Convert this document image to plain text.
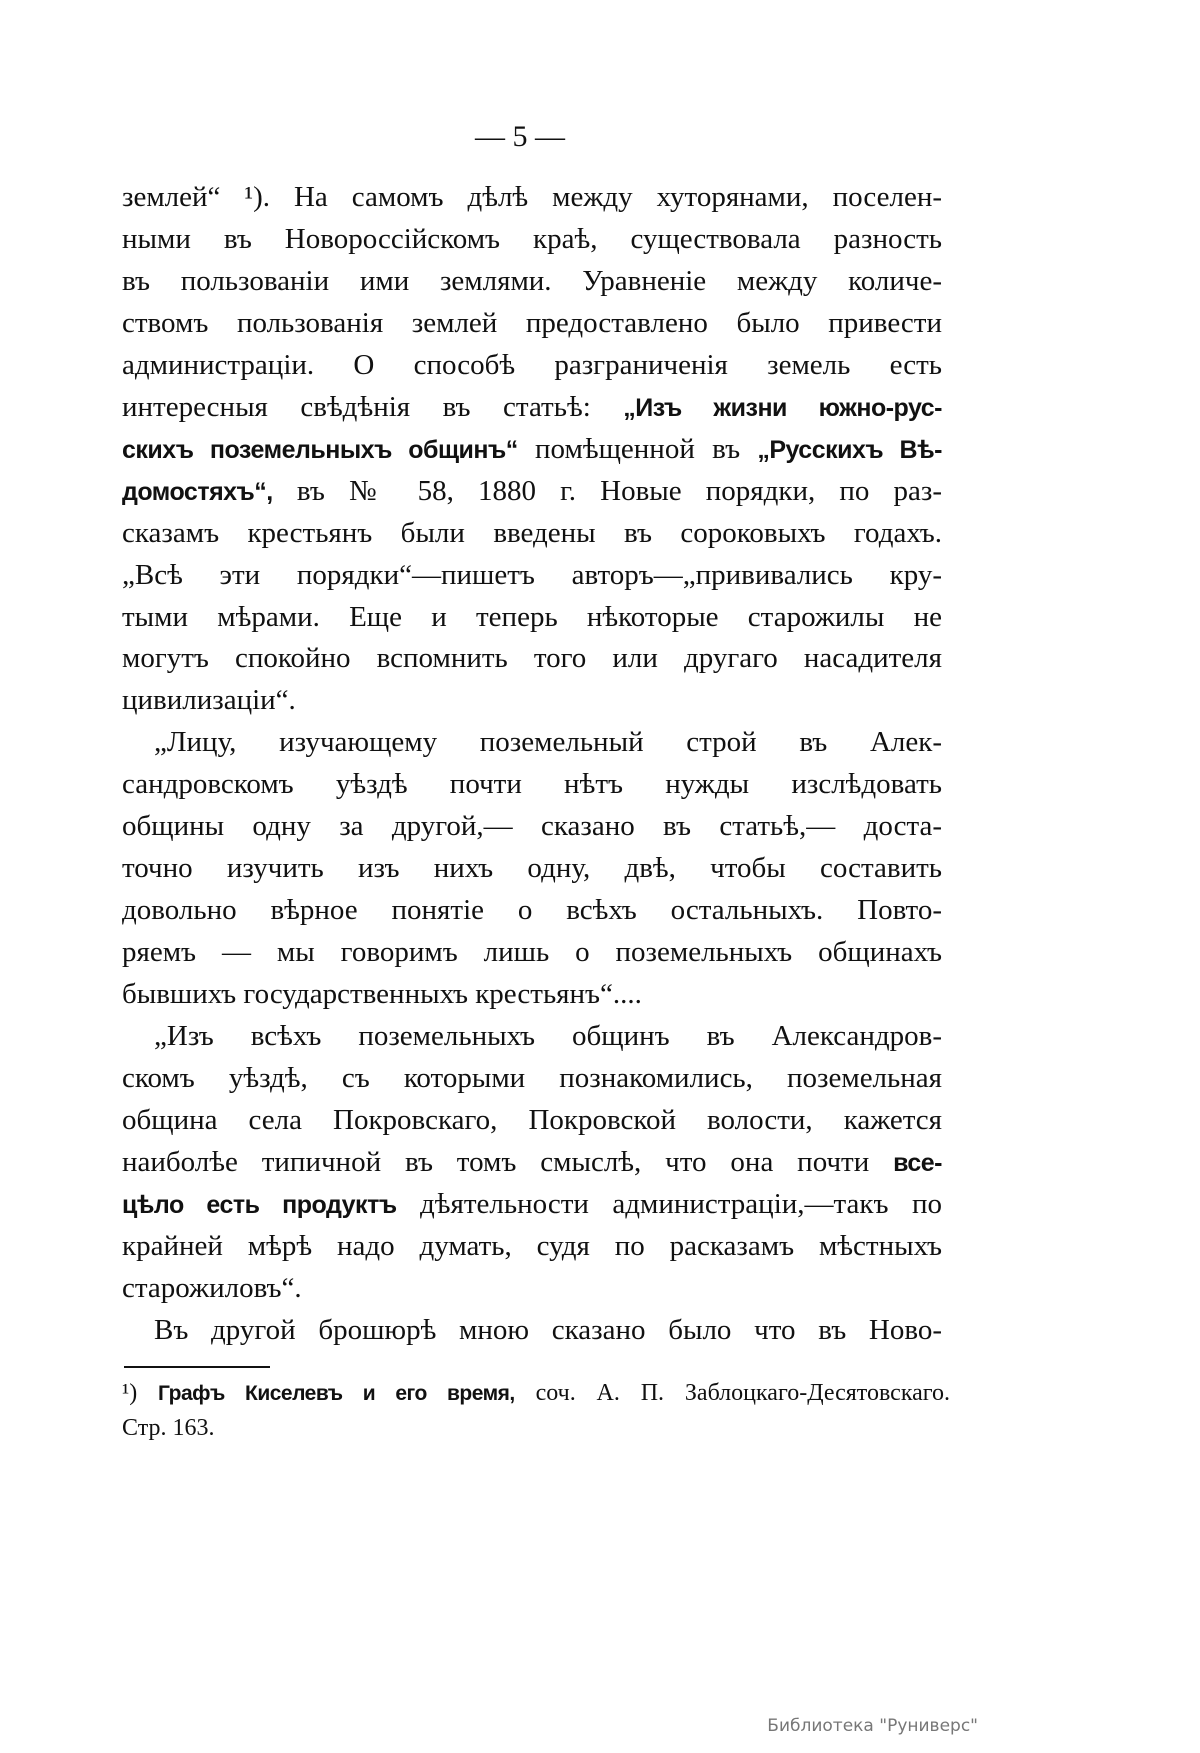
— 5 —
землей“ ¹). На самомъ дѣлѣ между хуторянами, поселен-
ными въ Новороссiйскомъ краѣ, существовала разность
въ пользованiи ими землями. Уравненiе между количе-
ствомъ пользованiя землей предоставлено было привести
администрацiи. О способѣ разграниченiя земель есть
интересныя свѣдѣнiя въ статьѣ: „Изъ жизни южно-рус-
скихъ поземельныхъ общинъ“ помѣщенной въ „Русскихъ Вѣ-
домостяхъ“, въ № 58, 1880 г. Новые порядки, по раз-
сказамъ крестьянъ были введены въ сороковыхъ годахъ.
„Всѣ эти порядки“—пишетъ авторъ—„прививались кру-
тыми мѣрами. Еще и теперь нѣкоторые старожилы не
могутъ спокойно вспомнить того или другаго насадителя
цивилизацiи“.
„Лицу, изучающему поземельный строй въ Алек-
сандровскомъ уѣздѣ почти нѣтъ нужды изслѣдовать
общины одну за другой,— сказано въ статьѣ,— доста-
точно изучить изъ нихъ одну, двѣ, чтобы составить
довольно вѣрное понятiе о всѣхъ остальныхъ. Повто-
ряемъ — мы говоримъ лишь о поземельныхъ общинахъ
бывшихъ государственныхъ крестьянъ“....
„Изъ всѣхъ поземельныхъ общинъ въ Александров-
скомъ уѣздѣ, съ которыми познакомились, поземельная
община села Покровскаго, Покровской волости, кажется
наиболѣе типичной въ томъ смыслѣ, что она почти все-
цѣло есть продуктъ дѣятельности администрацiи,—такъ по
крайней мѣрѣ надо думать, судя по расказамъ мѣстныхъ
старожиловъ“.
Въ другой брошюрѣ мною сказано было что въ Ново-
¹) Графъ Киселевъ и его время, соч. А. П. Заблоцкаго-Десятовскаго.
Стр. 163.
Библиотека "Руниверс"
